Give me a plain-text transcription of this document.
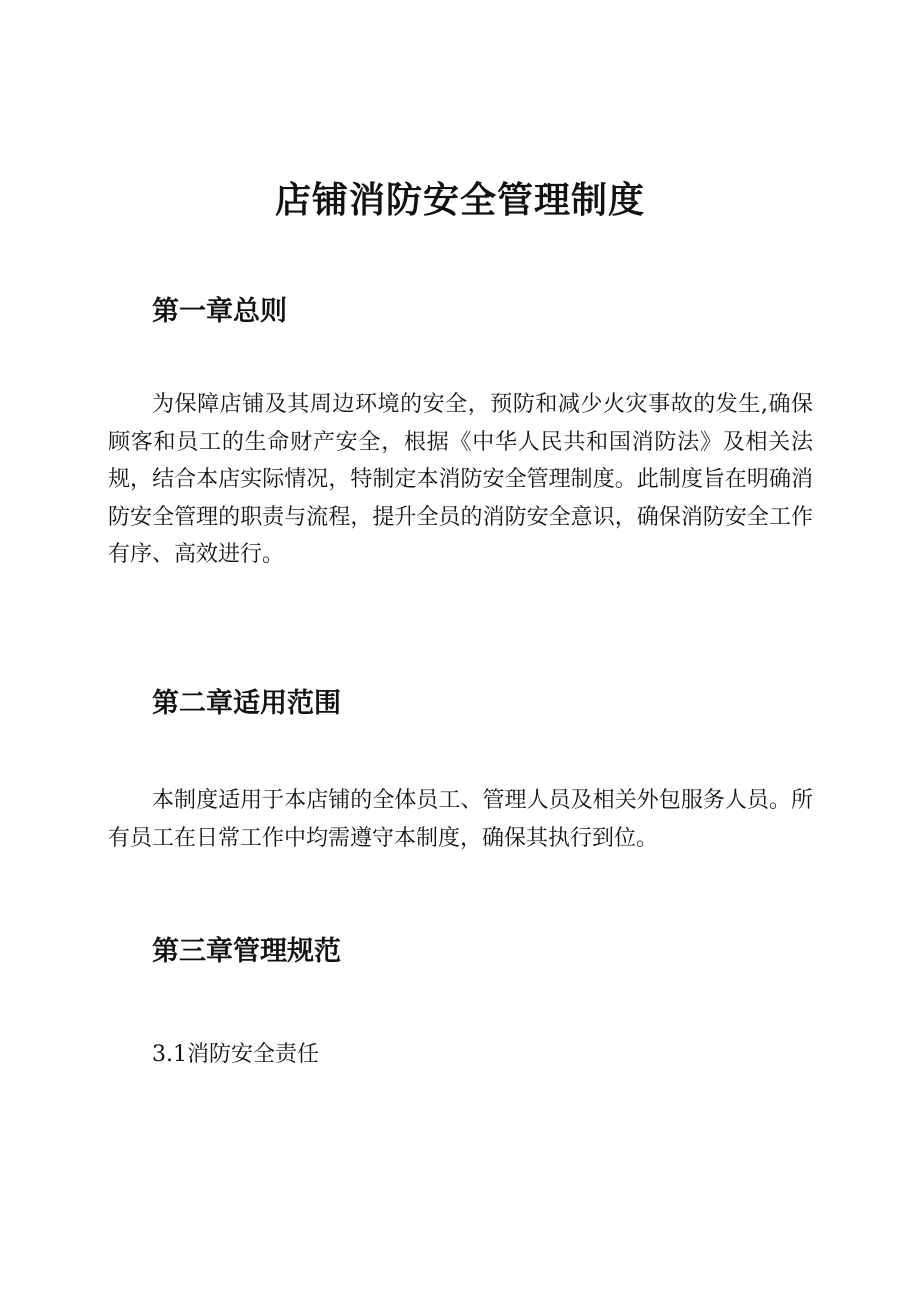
店铺消防安全管理制度
第一章总则

为保障店铺及其周边环境的安全，预防和减少火灾事故的发生,确保顾客和员工的生命财产安全，根据《中华人民共和国消防法》及相关法规，结合本店实际情况，特制定本消防安全管理制度。此制度旨在明确消防安全管理的职责与流程，提升全员的消防安全意识，确保消防安全工作有序、高效进行。

第二章适用范围

本制度适用于本店铺的全体员工、管理人员及相关外包服务人员。所有员工在日常工作中均需遵守本制度，确保其执行到位。

第三章管理规范

3.1消防安全责任
